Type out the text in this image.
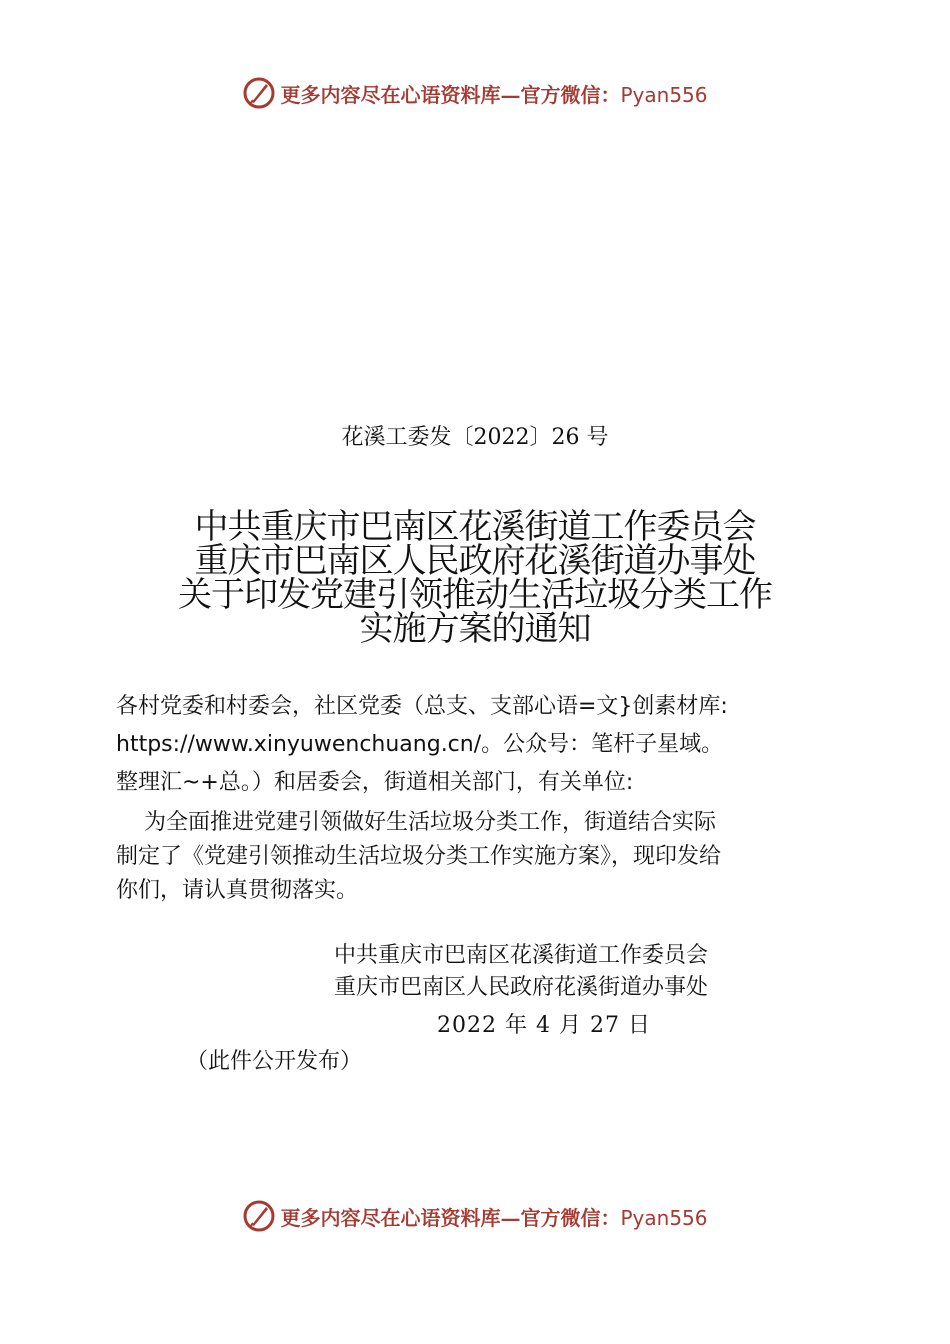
更多内容尽在心语资料库—官方微信：Pyan556
花溪工委发〔2022〕26 号
中共重庆市巴南区花溪街道工作委员会
重庆市巴南区人民政府花溪街道办事处
关于印发党建引领推动生活垃圾分类工作
实施方案的通知
各村党委和村委会，社区党委（总支、支部心语=文}创素材库:
https://www.xinyuwenchuang.cn/。公众号：笔杆子星域。
整理汇~+总。）和居委会，街道相关部门，有关单位:
为全面推进党建引领做好生活垃圾分类工作，街道结合实际
制定了《党建引领推动生活垃圾分类工作实施方案》，现印发给
你们，请认真贯彻落实。
中共重庆市巴南区花溪街道工作委员会
重庆市巴南区人民政府花溪街道办事处
2022 年 4 月 27 日
（此件公开发布）
更多内容尽在心语资料库—官方微信：Pyan556
